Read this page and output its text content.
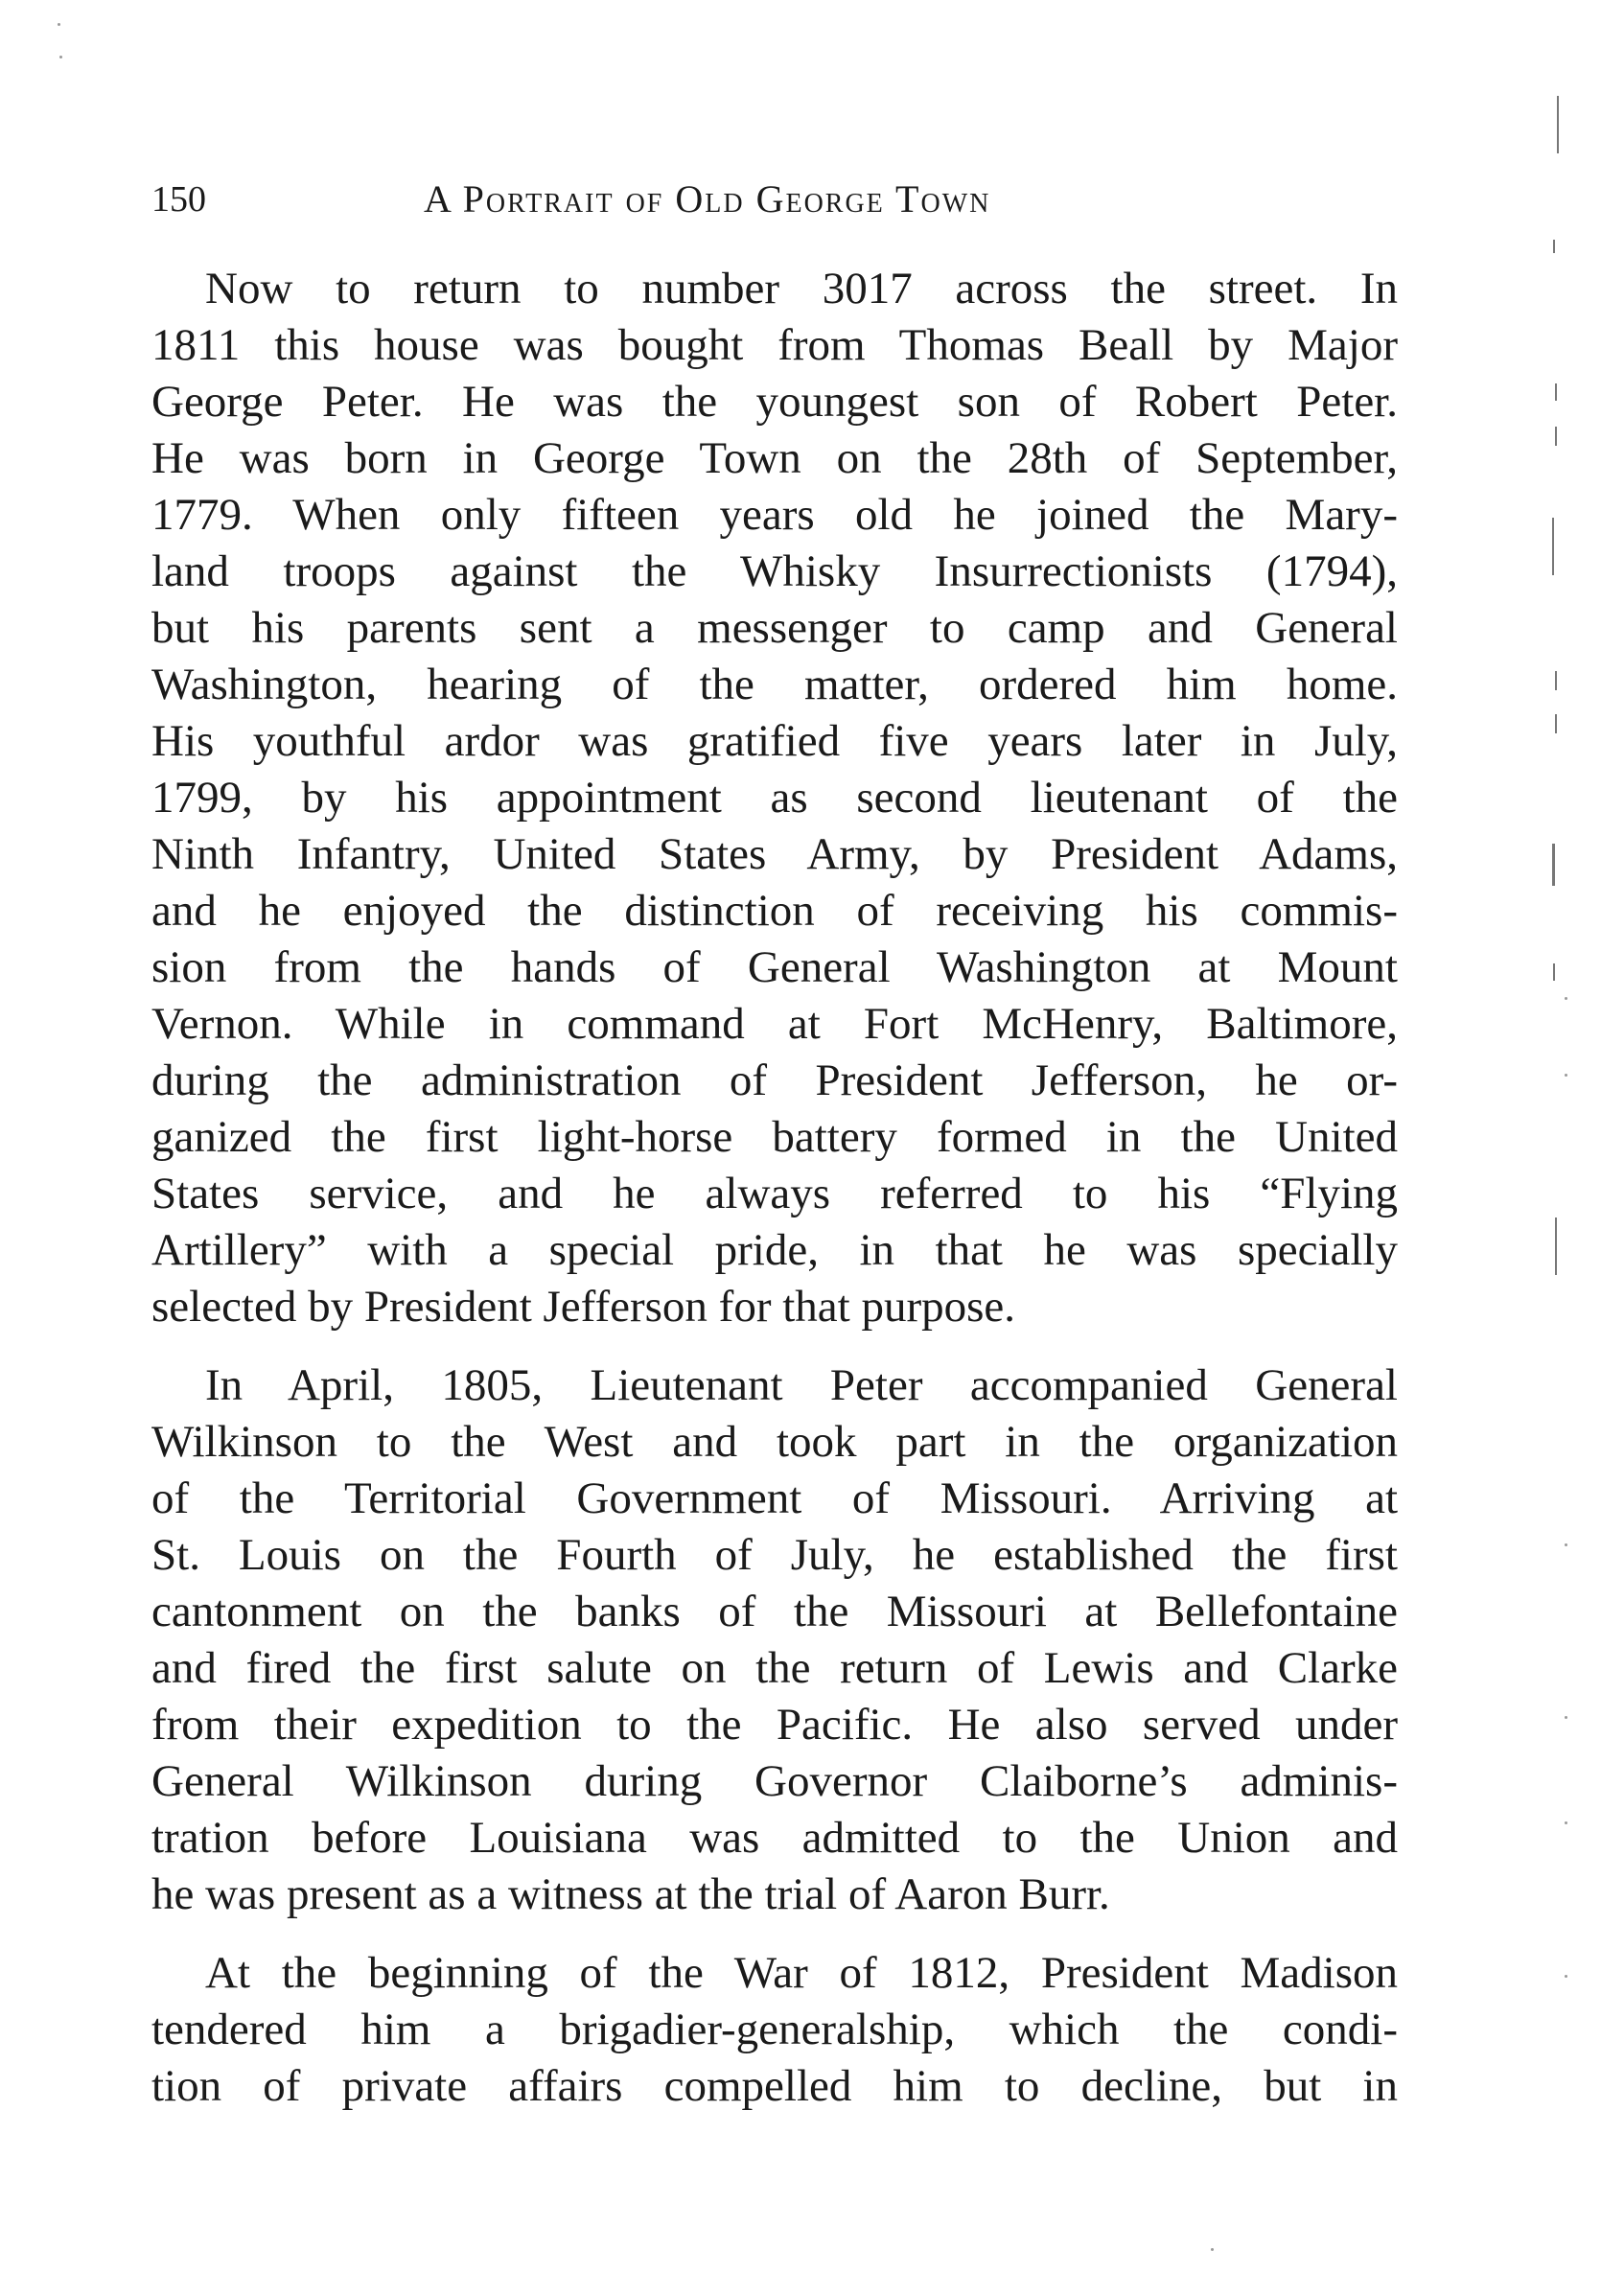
150	A Portrait of Old George Town
Now to return to number 3017 across the street. In
1811 this house was bought from Thomas Beall by Major
George Peter. He was the youngest son of Robert Peter.
He was born in George Town on the 28th of September,
1779. When only fifteen years old he joined the Mary-
land troops against the Whisky Insurrectionists (1794),
but his parents sent a messenger to camp and General
Washington, hearing of the matter, ordered him home.
His youthful ardor was gratified five years later in July,
1799, by his appointment as second lieutenant of the
Ninth Infantry, United States Army, by President Adams,
and he enjoyed the distinction of receiving his commis-
sion from the hands of General Washington at Mount
Vernon. While in command at Fort McHenry, Baltimore,
during the administration of President Jefferson, he or-
ganized the first light-horse battery formed in the United
States service, and he always referred to his “Flying
Artillery” with a special pride, in that he was specially
selected by President Jefferson for that purpose.
In April, 1805, Lieutenant Peter accompanied General
Wilkinson to the West and took part in the organization
of the Territorial Government of Missouri. Arriving at
St. Louis on the Fourth of July, he established the first
cantonment on the banks of the Missouri at Bellefontaine
and fired the first salute on the return of Lewis and Clarke
from their expedition to the Pacific. He also served under
General Wilkinson during Governor Claiborne’s adminis-
tration before Louisiana was admitted to the Union and
he was present as a witness at the trial of Aaron Burr.
At the beginning of the War of 1812, President Madison
tendered him a brigadier-generalship, which the condi-
tion of private affairs compelled him to decline, but in
